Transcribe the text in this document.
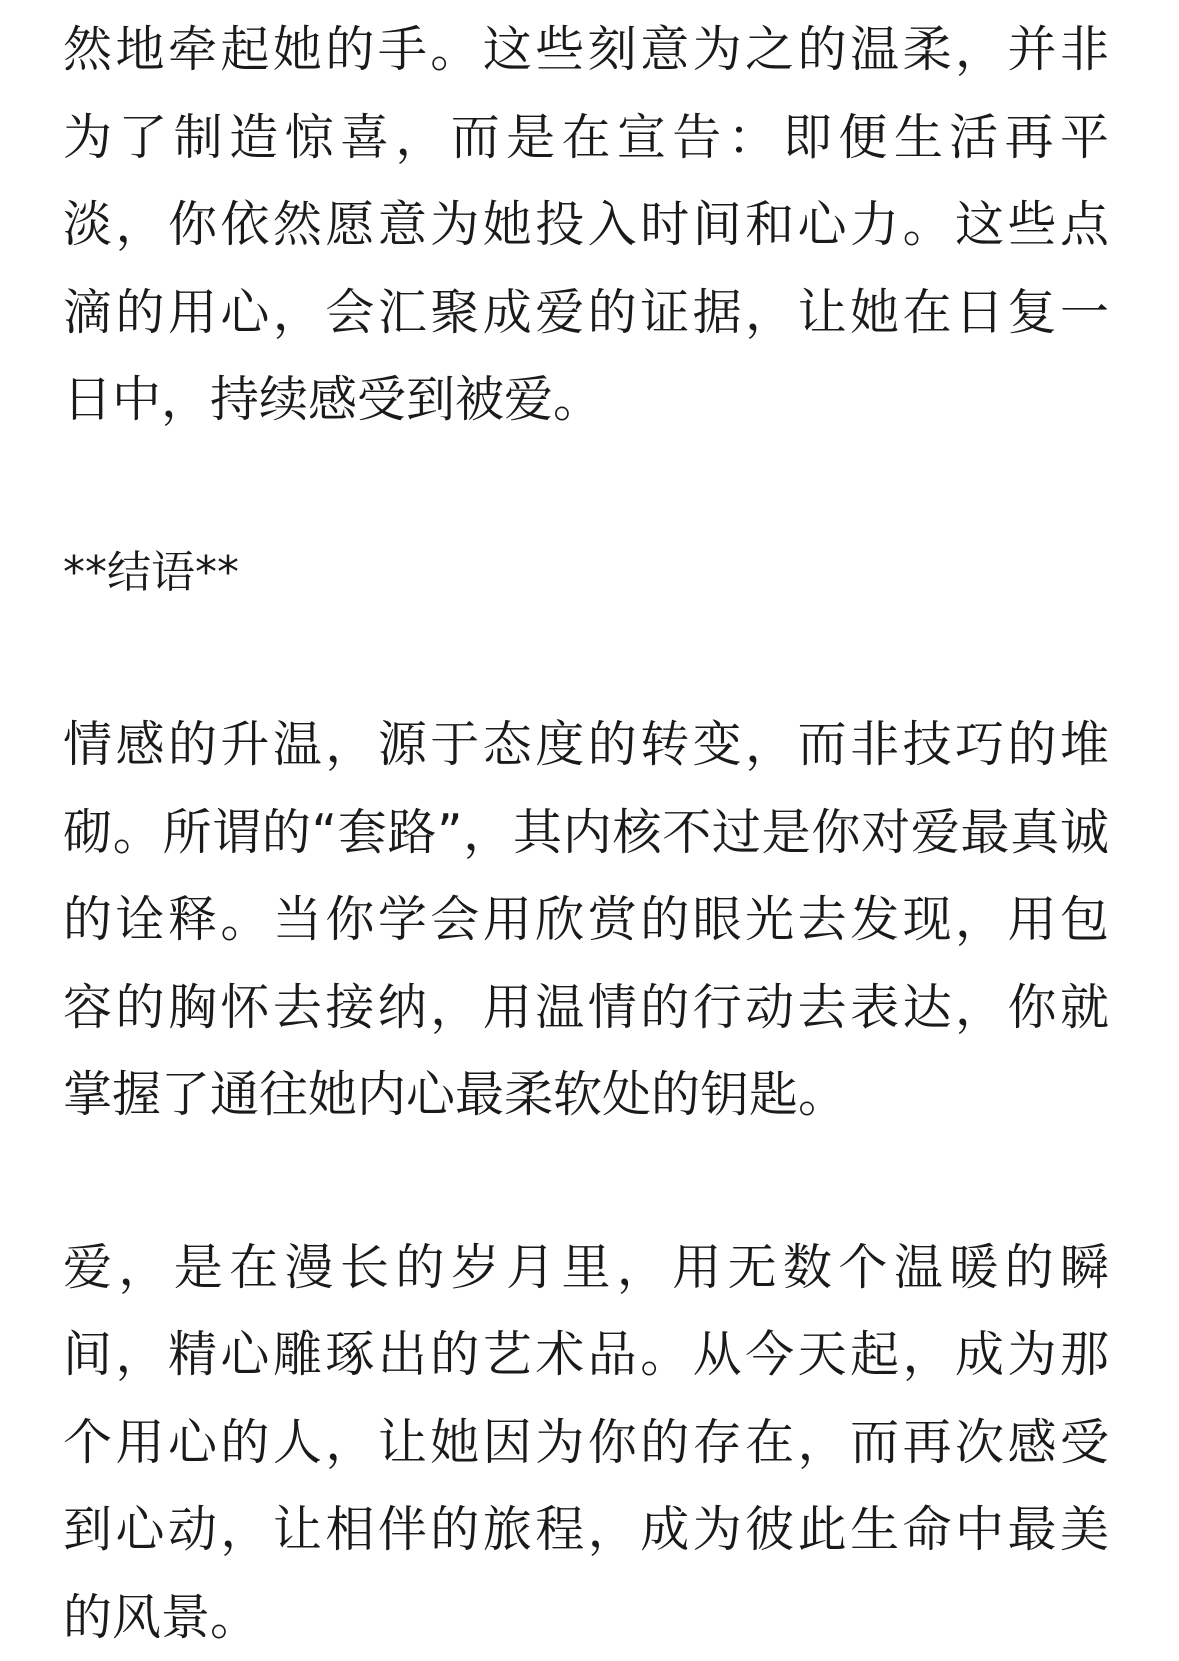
然地牵起她的手。这些刻意为之的温柔，并非
为了制造惊喜，而是在宣告：即便生活再平
淡，你依然愿意为她投入时间和心力。这些点
滴的用心，会汇聚成爱的证据，让她在日复一
日中，持续感受到被爱。
**结语**
情感的升温，源于态度的转变，而非技巧的堆
砌。所谓的“套路”，其内核不过是你对爱最真诚
的诠释。当你学会用欣赏的眼光去发现，用包
容的胸怀去接纳，用温情的行动去表达，你就
掌握了通往她内心最柔软处的钥匙。
爱，是在漫长的岁月里，用无数个温暖的瞬
间，精心雕琢出的艺术品。从今天起，成为那
个用心的人，让她因为你的存在，而再次感受
到心动，让相伴的旅程，成为彼此生命中最美
的风景。
